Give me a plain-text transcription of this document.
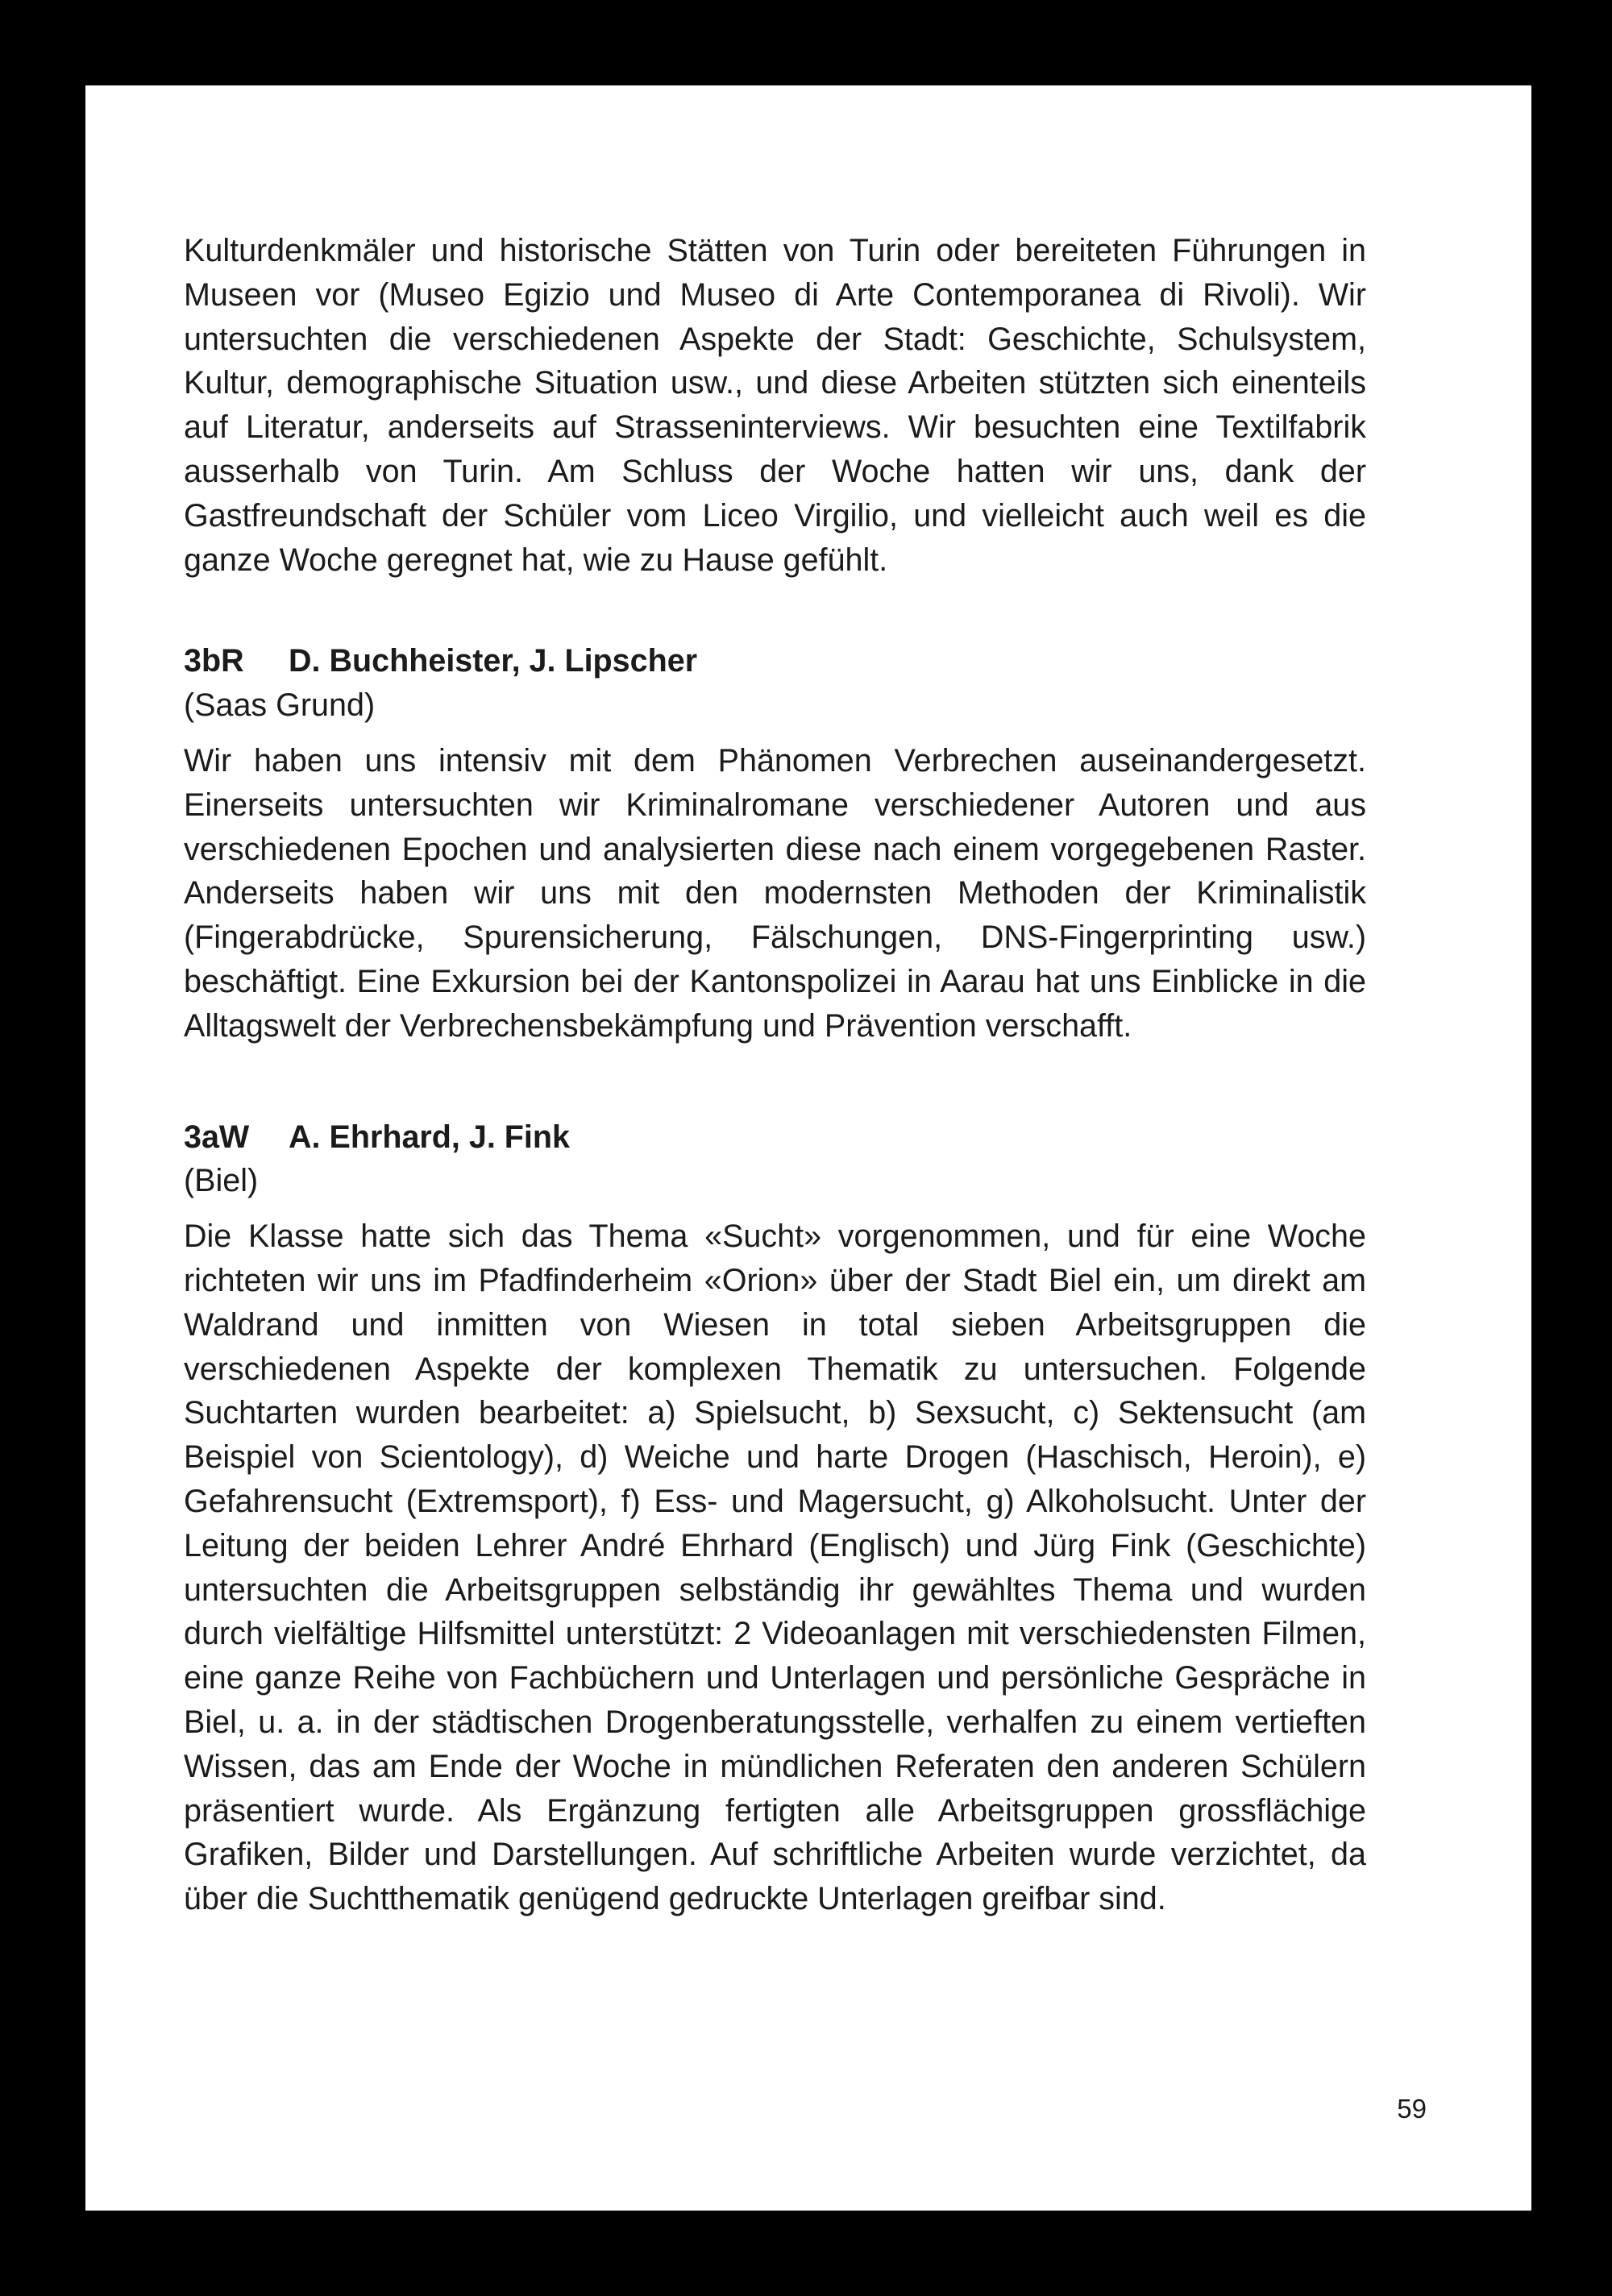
Kulturdenkmäler und historische Stätten von Turin oder bereiteten Führungen in Museen vor (Museo Egizio und Museo di Arte Contemporanea di Rivoli). Wir untersuchten die verschiedenen Aspekte der Stadt: Geschichte, Schulsystem, Kultur, demographische Situation usw., und diese Arbeiten stützten sich einenteils auf Literatur, anderseits auf Strasseninterviews. Wir besuchten eine Textilfabrik ausserhalb von Turin. Am Schluss der Woche hatten wir uns, dank der Gastfreundschaft der Schüler vom Liceo Virgilio, und vielleicht auch weil es die ganze Woche geregnet hat, wie zu Hause gefühlt.

3bR	D. Buchheister, J. Lipscher
(Saas Grund)

Wir haben uns intensiv mit dem Phänomen Verbrechen auseinandergesetzt. Einerseits untersuchten wir Kriminalromane verschiedener Autoren und aus verschiedenen Epochen und analysierten diese nach einem vorgegebenen Raster. Anderseits haben wir uns mit den modernsten Methoden der Kriminalistik (Fingerabdrücke, Spurensicherung, Fälschungen, DNS-Fingerprinting usw.) beschäftigt. Eine Exkursion bei der Kantonspolizei in Aarau hat uns Einblicke in die Alltagswelt der Verbrechensbekämpfung und Prävention verschafft.

3aW	A. Ehrhard, J. Fink
(Biel)

Die Klasse hatte sich das Thema «Sucht» vorgenommen, und für eine Woche richteten wir uns im Pfadfinderheim «Orion» über der Stadt Biel ein, um direkt am Waldrand und inmitten von Wiesen in total sieben Arbeitsgruppen die verschiedenen Aspekte der komplexen Thematik zu untersuchen. Folgende Suchtarten wurden bearbeitet: a) Spielsucht, b) Sexsucht, c) Sektensucht (am Beispiel von Scientology), d) Weiche und harte Drogen (Haschisch, Heroin), e) Gefahrensucht (Extremsport), f) Ess- und Magersucht, g) Alkoholsucht. Unter der Leitung der beiden Lehrer André Ehrhard (Englisch) und Jürg Fink (Geschichte) untersuchten die Arbeitsgruppen selbständig ihr gewähltes Thema und wurden durch vielfältige Hilfsmittel unterstützt: 2 Videoanlagen mit verschiedensten Filmen, eine ganze Reihe von Fachbüchern und Unterlagen und persönliche Gespräche in Biel, u. a. in der städtischen Drogenberatungsstelle, verhalfen zu einem vertieften Wissen, das am Ende der Woche in mündlichen Referaten den anderen Schülern präsentiert wurde. Als Ergänzung fertigten alle Arbeitsgruppen grossflächige Grafiken, Bilder und Darstellungen. Auf schriftliche Arbeiten wurde verzichtet, da über die Suchtthematik genügend gedruckte Unterlagen greifbar sind.

59
